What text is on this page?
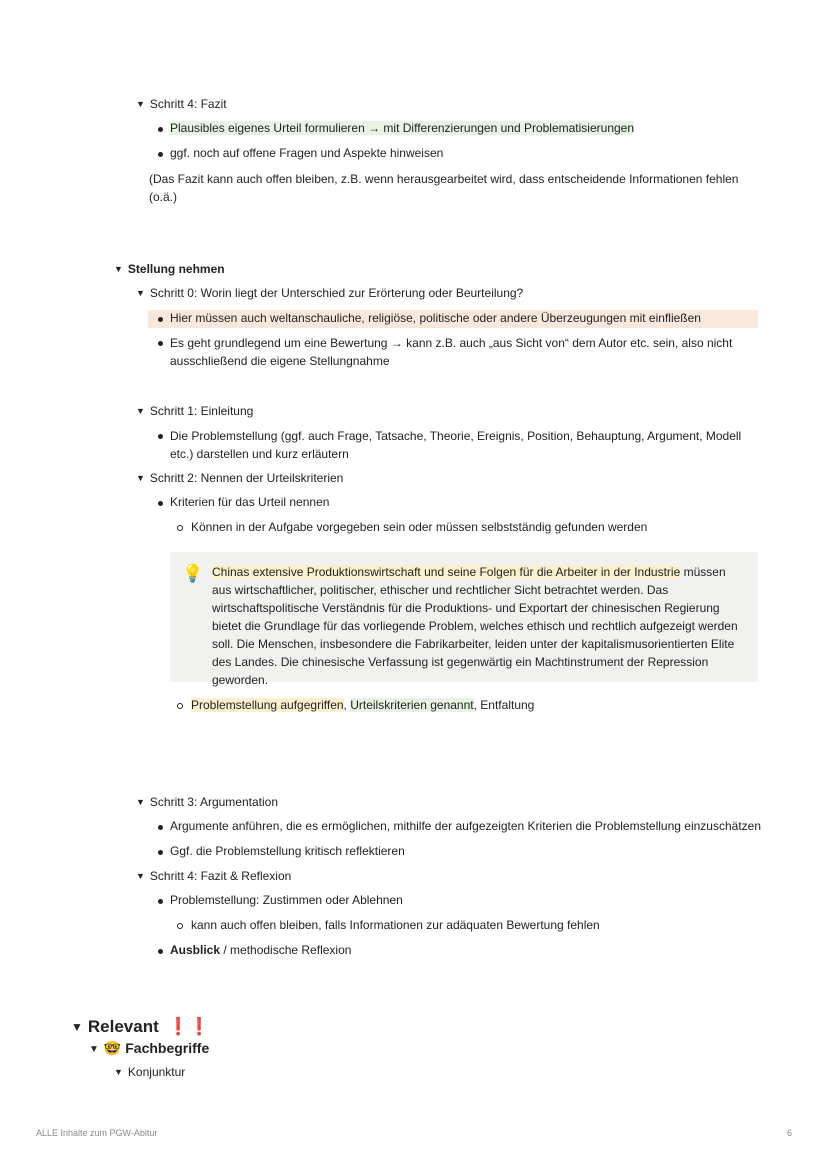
▼ Schritt 4: Fazit
Plausibles eigenes Urteil formulieren → mit Differenzierungen und Problematisierungen
ggf. noch auf offene Fragen und Aspekte hinweisen
(Das Fazit kann auch offen bleiben, z.B. wenn herausgearbeitet wird, dass entscheidende Informationen fehlen (o.ä.)
▼ Stellung nehmen
▼ Schritt 0: Worin liegt der Unterschied zur Erörterung oder Beurteilung?
Hier müssen auch weltanschauliche, religiöse, politische oder andere Überzeugungen mit einfließen
Es geht grundlegend um eine Bewertung → kann z.B. auch „aus Sicht von“ dem Autor etc. sein, also nicht ausschließend die eigene Stellungnahme
▼ Schritt 1: Einleitung
Die Problemstellung (ggf. auch Frage, Tatsache, Theorie, Ereignis, Position, Behauptung, Argument, Modell etc.) darstellen und kurz erläutern
▼ Schritt 2: Nennen der Urteilskriterien
Kriterien für das Urteil nennen
Können in der Aufgabe vorgegeben sein oder müssen selbstständig gefunden werden
💡 Chinas extensive Produktionswirtschaft und seine Folgen für die Arbeiter in der Industrie müssen aus wirtschaftlicher, politischer, ethischer und rechtlicher Sicht betrachtet werden. Das wirtschaftspolitische Verständnis für die Produktions- und Exportart der chinesischen Regierung bietet die Grundlage für das vorliegende Problem, welches ethisch und rechtlich aufgezeigt werden soll. Die Menschen, insbesondere die Fabrikarbeiter, leiden unter der kapitalismusorientierten Elite des Landes. Die chinesische Verfassung ist gegenwärtig ein Machtinstrument der Repression geworden.
Problemstellung aufgegriffen, Urteilskriterien genannt, Entfaltung
▼ Schritt 3: Argumentation
Argumente anführen, die es ermöglichen, mithilfe der aufgezeigten Kriterien die Problemstellung einzuschätzen
Ggf. die Problemstellung kritisch reflektieren
▼ Schritt 4: Fazit & Reflexion
Problemstellung: Zustimmen oder Ablehnen
kann auch offen bleiben, falls Informationen zur adäquaten Bewertung fehlen
Ausblick / methodische Reflexion
▼ Relevant ❗❗
▼ 🤓 Fachbegriffe
▼ Konjunktur
ALLE Inhalte zum PGW-Abitur	6
